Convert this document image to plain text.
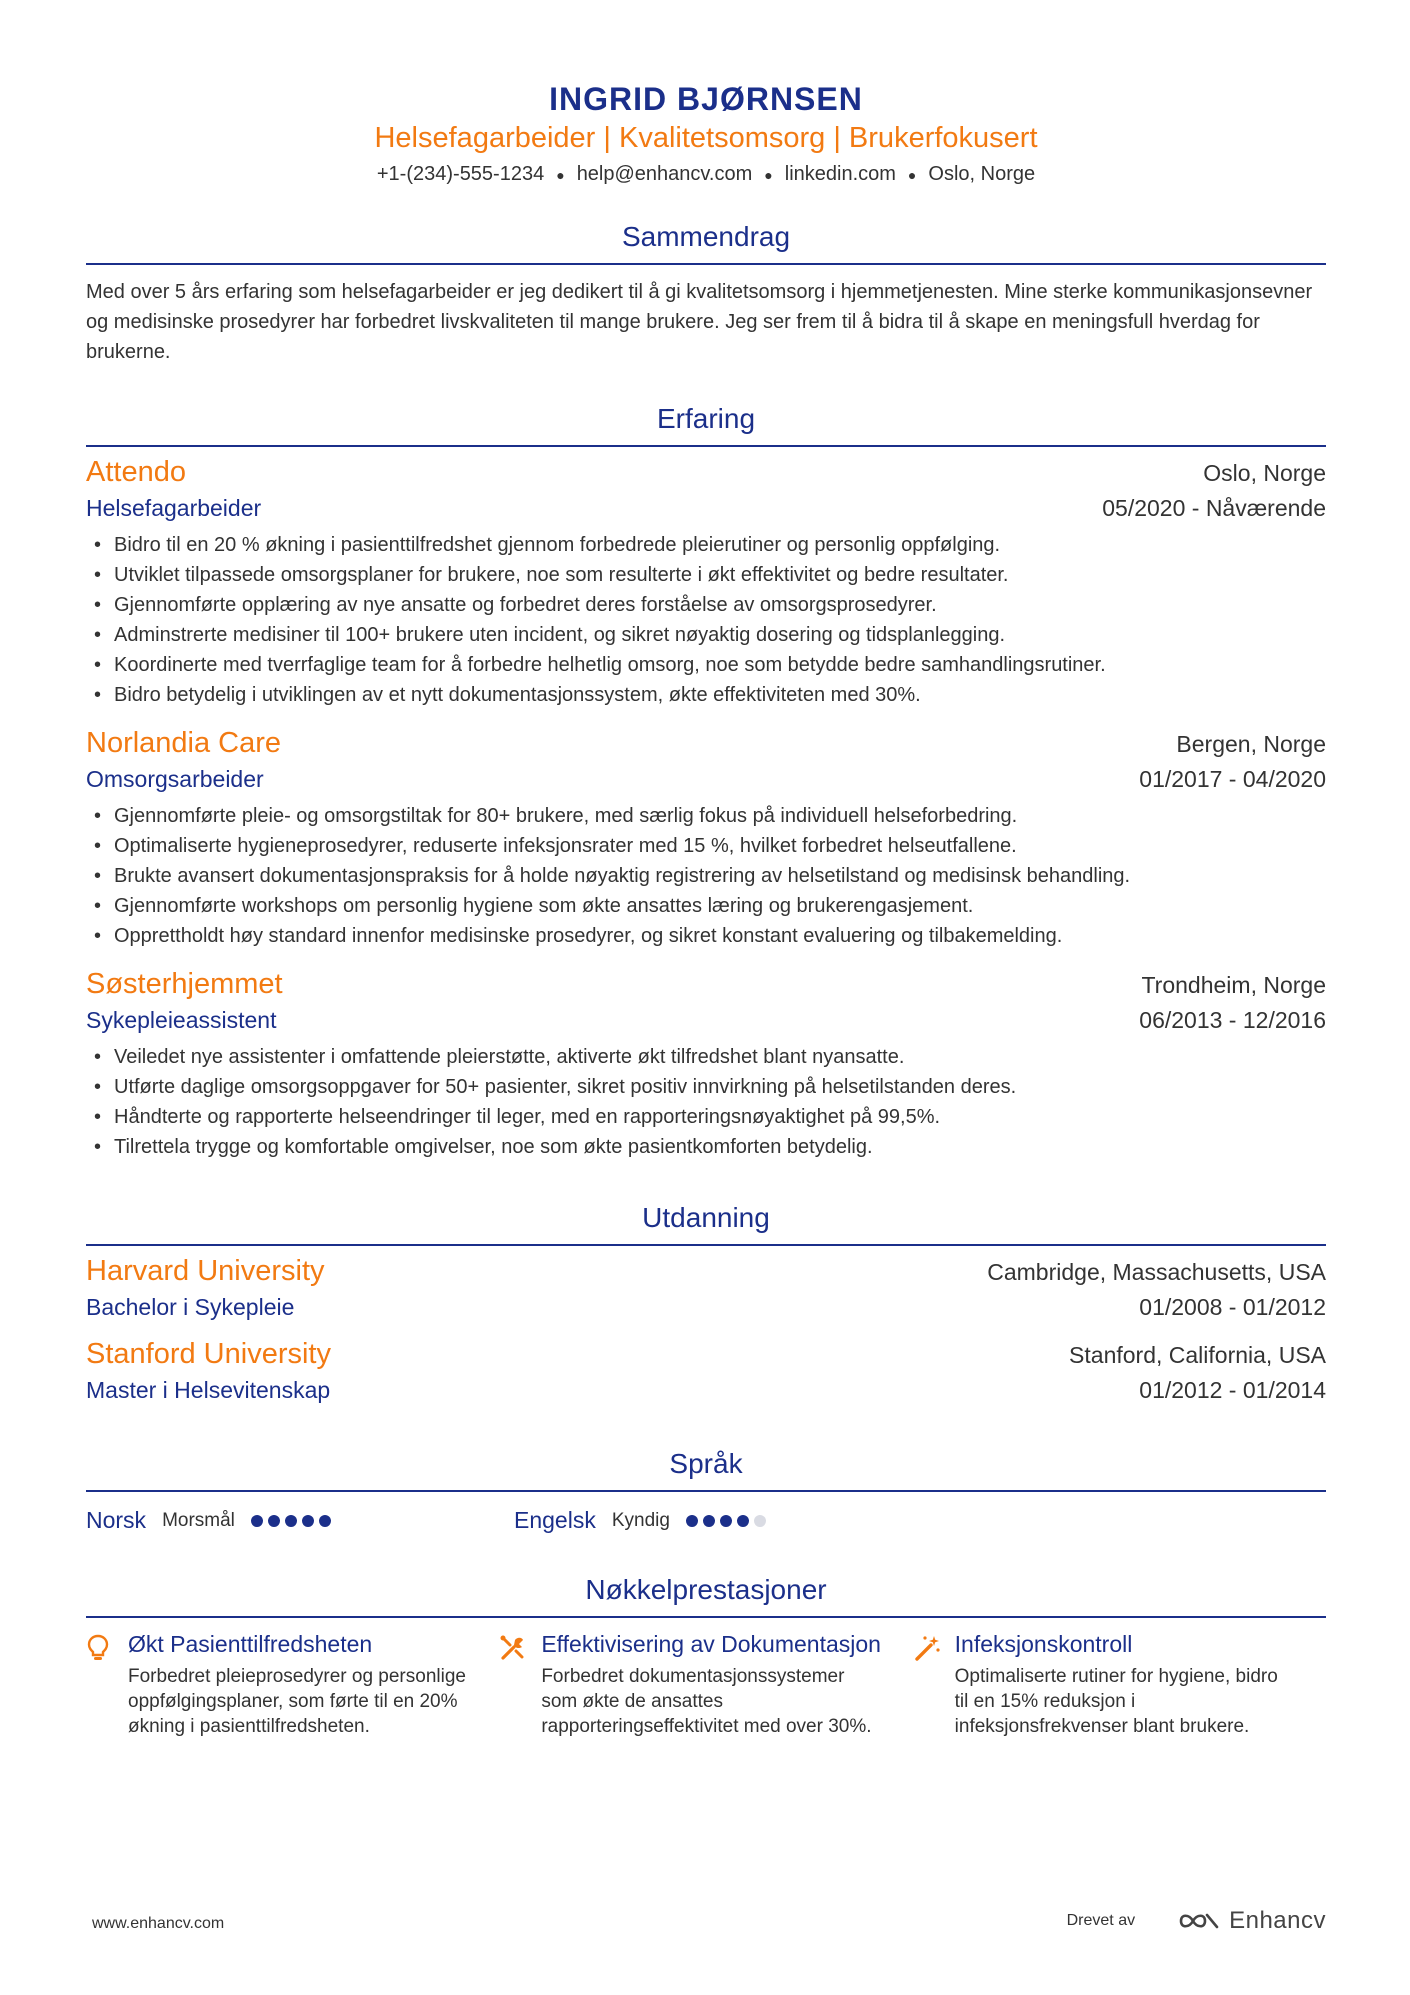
INGRID BJØRNSEN
Helsefagarbeider | Kvalitetsomsorg | Brukerfokusert
+1-(234)-555-1234 ● help@enhancv.com ● linkedin.com ● Oslo, Norge
Sammendrag
Med over 5 års erfaring som helsefagarbeider er jeg dedikert til å gi kvalitetsomsorg i hjemmetjenesten. Mine sterke kommunikasjonsevner og medisinske prosedyrer har forbedret livskvaliteten til mange brukere. Jeg ser frem til å bidra til å skape en meningsfull hverdag for brukerne.
Erfaring
Attendo	Oslo, Norge
Helsefagarbeider	05/2020 - Nåværende
• Bidro til en 20 % økning i pasienttilfredshet gjennom forbedrede pleierutiner og personlig oppfølging.
• Utviklet tilpassede omsorgsplaner for brukere, noe som resulterte i økt effektivitet og bedre resultater.
• Gjennomførte opplæring av nye ansatte og forbedret deres forståelse av omsorgsprosedyrer.
• Adminstrerte medisiner til 100+ brukere uten incident, og sikret nøyaktig dosering og tidsplanlegging.
• Koordinerte med tverrfaglige team for å forbedre helhetlig omsorg, noe som betydde bedre samhandlingsrutiner.
• Bidro betydelig i utviklingen av et nytt dokumentasjonssystem, økte effektiviteten med 30%.
Norlandia Care	Bergen, Norge
Omsorgsarbeider	01/2017 - 04/2020
• Gjennomførte pleie- og omsorgstiltak for 80+ brukere, med særlig fokus på individuell helseforbedring.
• Optimaliserte hygieneprosedyrer, reduserte infeksjonsrater med 15 %, hvilket forbedret helseutfallene.
• Brukte avansert dokumentasjonspraksis for å holde nøyaktig registrering av helsetilstand og medisinsk behandling.
• Gjennomførte workshops om personlig hygiene som økte ansattes læring og brukerengasjement.
• Opprettholdt høy standard innenfor medisinske prosedyrer, og sikret konstant evaluering og tilbakemelding.
Søsterhjemmet	Trondheim, Norge
Sykepleieassistent	06/2013 - 12/2016
• Veiledet nye assistenter i omfattende pleierstøtte, aktiverte økt tilfredshet blant nyansatte.
• Utførte daglige omsorgsoppgaver for 50+ pasienter, sikret positiv innvirkning på helsetilstanden deres.
• Håndterte og rapporterte helseendringer til leger, med en rapporteringsnøyaktighet på 99,5%.
• Tilrettela trygge og komfortable omgivelser, noe som økte pasientkomforten betydelig.
Utdanning
Harvard University	Cambridge, Massachusetts, USA
Bachelor i Sykepleie	01/2008 - 01/2012
Stanford University	Stanford, California, USA
Master i Helsevitenskap	01/2012 - 01/2014
Språk
Norsk Morsmål	Engelsk Kyndig
Nøkkelprestasjoner
Økt Pasienttilfredsheten
Forbedret pleieprosedyrer og personlige oppfølgingsplaner, som førte til en 20% økning i pasienttilfredsheten.
Effektivisering av Dokumentasjon
Forbedret dokumentasjonssystemer som økte de ansattes rapporteringseffektivitet med over 30%.
Infeksjonskontroll
Optimaliserte rutiner for hygiene, bidro til en 15% reduksjon i infeksjonsfrekvenser blant brukere.
www.enhancv.com	Drevet av	Enhancv
